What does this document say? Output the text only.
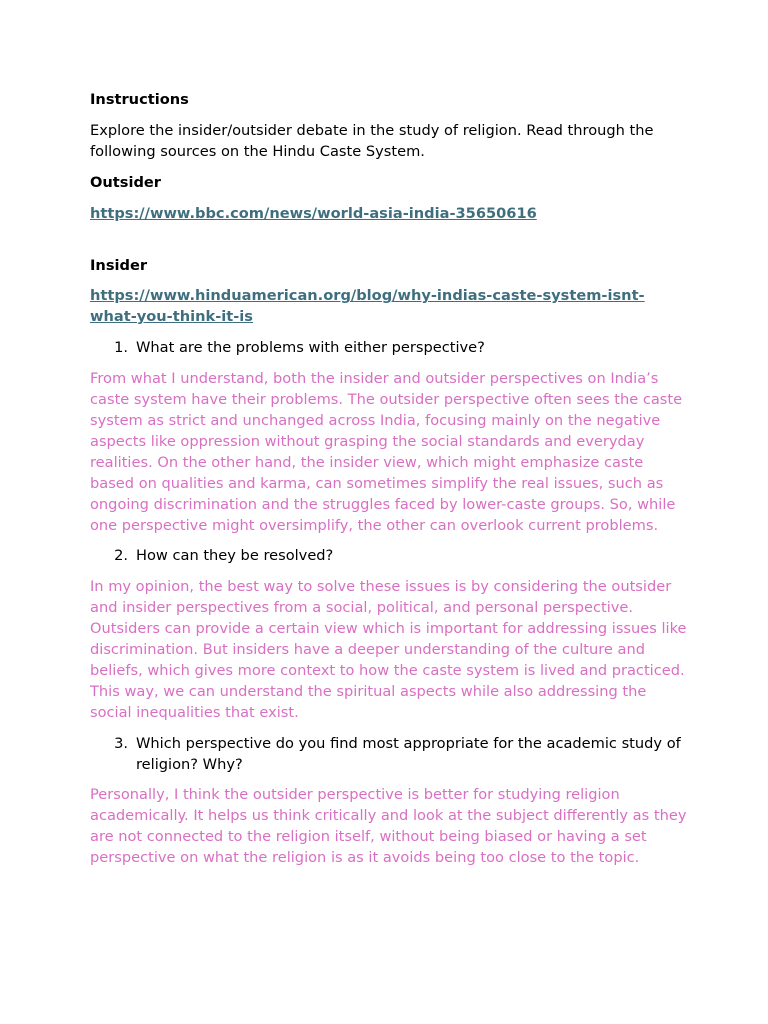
Instructions

Explore the insider/outsider debate in the study of religion. Read through the following sources on the Hindu Caste System.

Outsider
https://www.bbc.com/news/world-asia-india-35650616
Insider
https://www.hinduamerican.org/blog/why-indias-caste-system-isnt-what-you-think-it-is
1. What are the problems with either perspective?

From what I understand, both the insider and outsider perspectives on India’s caste system have their problems. The outsider perspective often sees the caste system as strict and unchanged across India, focusing mainly on the negative aspects like oppression without grasping the social standards and everyday realities. On the other hand, the insider view, which might emphasize caste based on qualities and karma, can sometimes simplify the real issues, such as ongoing discrimination and the struggles faced by lower-caste groups. So, while one perspective might oversimplify, the other can overlook current problems.

2. How can they be resolved?

In my opinion, the best way to solve these issues is by considering the outsider and insider perspectives from a social, political, and personal perspective. Outsiders can provide a certain view which is important for addressing issues like discrimination. But insiders have a deeper understanding of the culture and beliefs, which gives more context to how the caste system is lived and practiced. This way, we can understand the spiritual aspects while also addressing the social inequalities that exist.

3. Which perspective do you find most appropriate for the academic study of religion? Why?

Personally, I think the outsider perspective is better for studying religion academically. It helps us think critically and look at the subject differently as they are not connected to the religion itself, without being biased or having a set perspective on what the religion is as it avoids being too close to the topic.
